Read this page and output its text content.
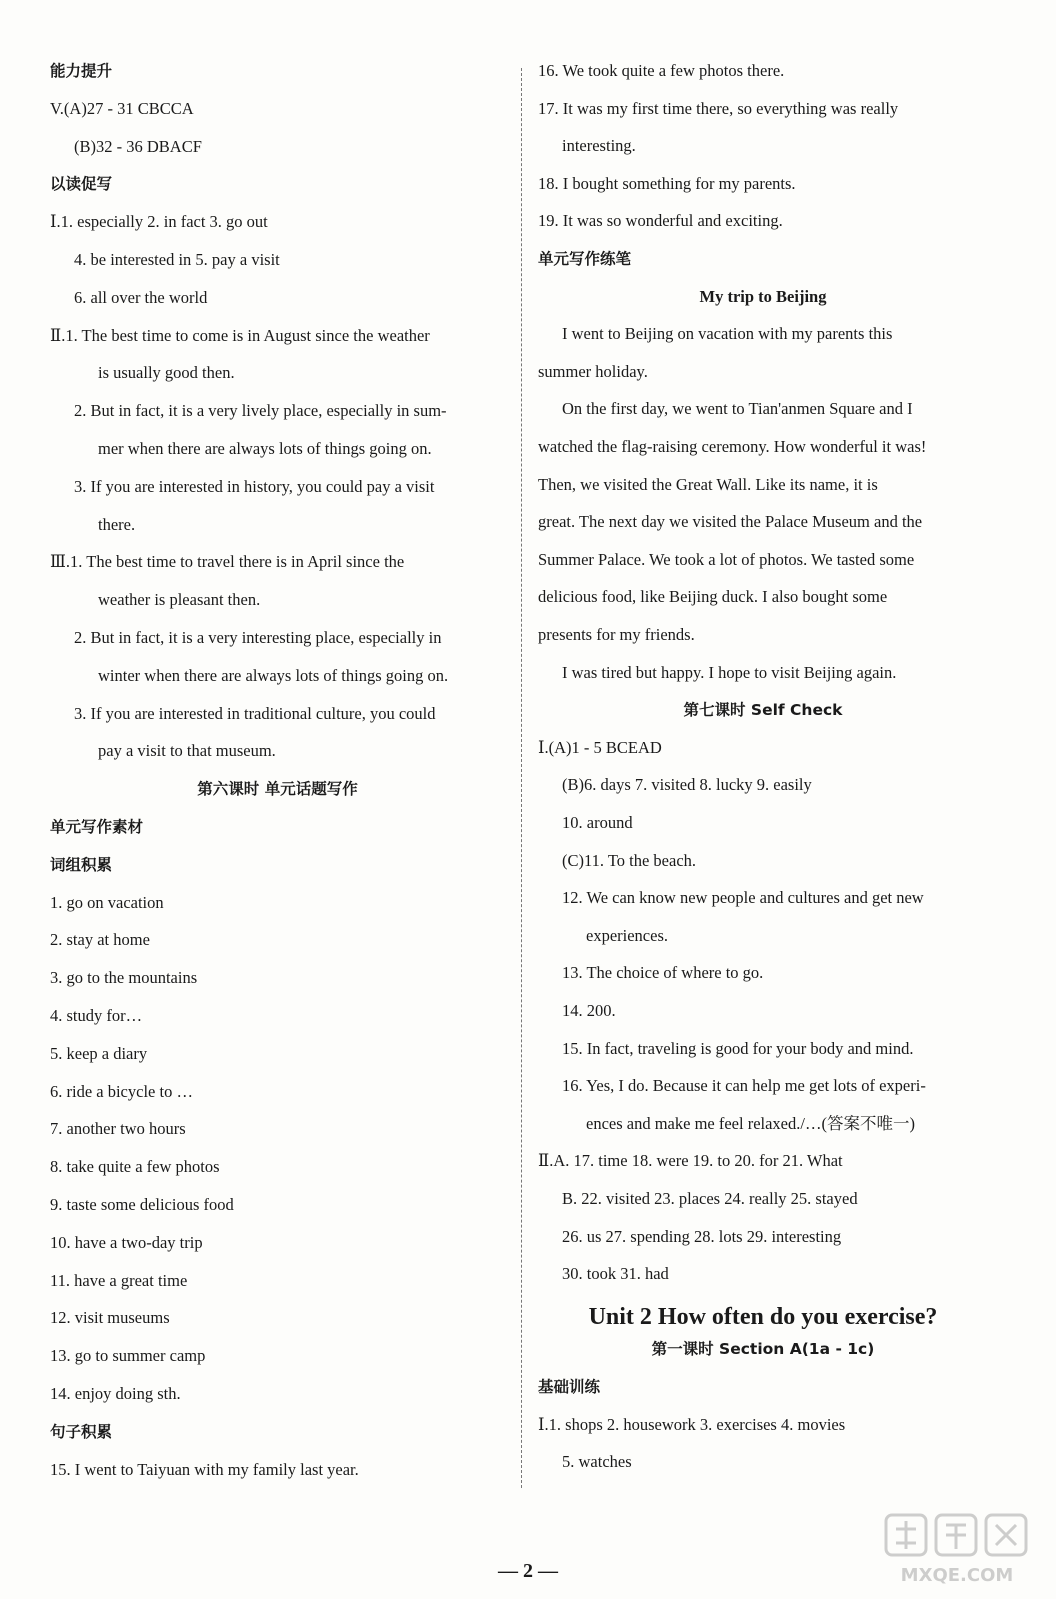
能力提升
V.(A)27 - 31 CBCCA
(B)32 - 36 DBACF
以读促写
Ⅰ.1. especially 2. in fact 3. go out
4. be interested in 5. pay a visit
6. all over the world
Ⅱ.1. The best time to come is in August since the weather
is usually good then.
2. But in fact, it is a very lively place, especially in sum-
mer when there are always lots of things going on.
3. If you are interested in history, you could pay a visit
there.
Ⅲ.1. The best time to travel there is in April since the
weather is pleasant then.
2. But in fact, it is a very interesting place, especially in
winter when there are always lots of things going on.
3. If you are interested in traditional culture, you could
pay a visit to that museum.
第六课时 单元话题写作
单元写作素材
词组积累
1. go on vacation
2. stay at home
3. go to the mountains
4. study for…
5. keep a diary
6. ride a bicycle to …
7. another two hours
8. take quite a few photos
9. taste some delicious food
10. have a two-day trip
11. have a great time
12. visit museums
13. go to summer camp
14. enjoy doing sth.
句子积累
15. I went to Taiyuan with my family last year.
16. We took quite a few photos there.
17. It was my first time there, so everything was really
interesting.
18. I bought something for my parents.
19. It was so wonderful and exciting.
单元写作练笔
My trip to Beijing
I went to Beijing on vacation with my parents this
summer holiday.
On the first day, we went to Tian'anmen Square and I
watched the flag-raising ceremony. How wonderful it was!
Then, we visited the Great Wall. Like its name, it is
great. The next day we visited the Palace Museum and the
Summer Palace. We took a lot of photos. We tasted some
delicious food, like Beijing duck. I also bought some
presents for my friends.
I was tired but happy. I hope to visit Beijing again.
第七课时 Self Check
Ⅰ.(A)1 - 5 BCEAD
(B)6. days 7. visited 8. lucky 9. easily
10. around
(C)11. To the beach.
12. We can know new people and cultures and get new
experiences.
13. The choice of where to go.
14. 200.
15. In fact, traveling is good for your body and mind.
16. Yes, I do. Because it can help me get lots of experi-
ences and make me feel relaxed./…(答案不唯一)
Ⅱ.A. 17. time 18. were 19. to 20. for 21. What
B. 22. visited 23. places 24. really 25. stayed
26. us 27. spending 28. lots 29. interesting
30. took 31. had
Unit 2 How often do you exercise?
第一课时 Section A(1a - 1c)
基础训练
Ⅰ.1. shops 2. housework 3. exercises 4. movies
5. watches
— 2 —	MXQE.COM
